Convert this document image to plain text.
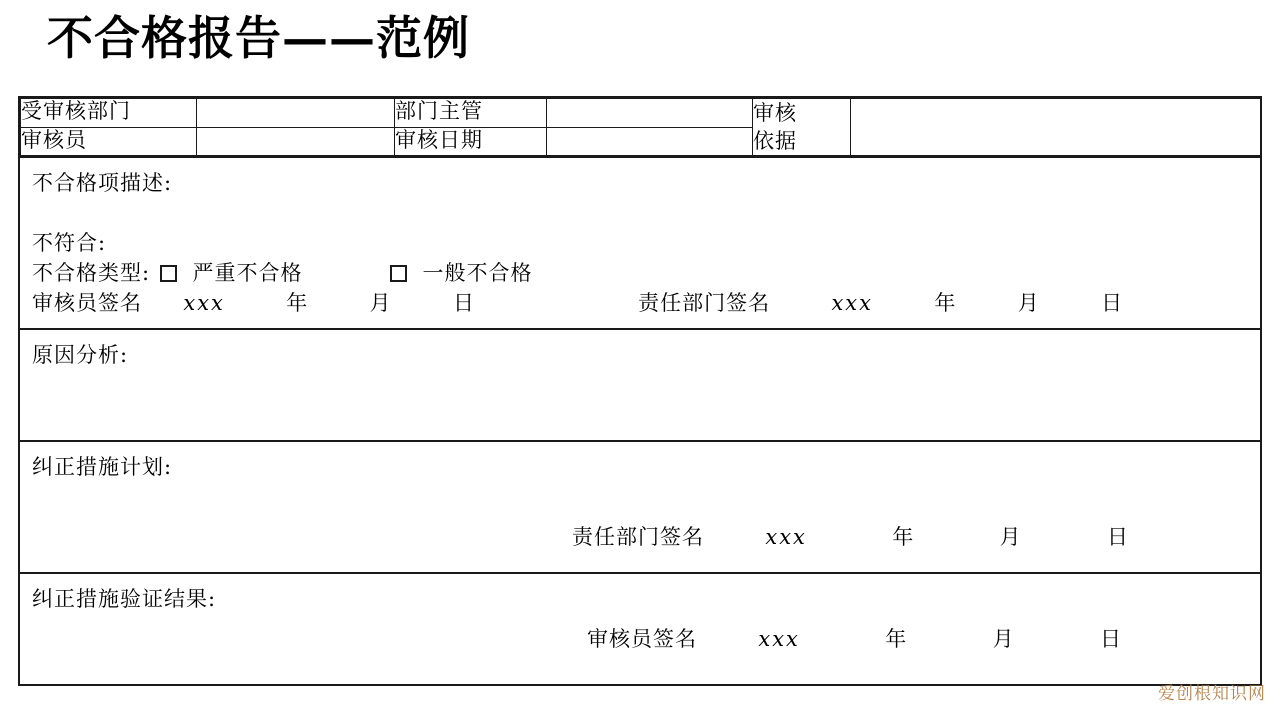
不合格报告——范例
受审核部门		部门主管		审核
依据	

审核员		审核日期			
不合格项描述:
不符合:
不合格类型: 严重不合格	一般不合格
审核员签名 xxx	年	月	日	责任部门签名	xxx	年	月	日
原因分析:
纠正措施计划:
责任部门签名	xxx	年	月	日
纠正措施验证结果:
审核员签名	xxx	年	月	日
爱创根知识网
